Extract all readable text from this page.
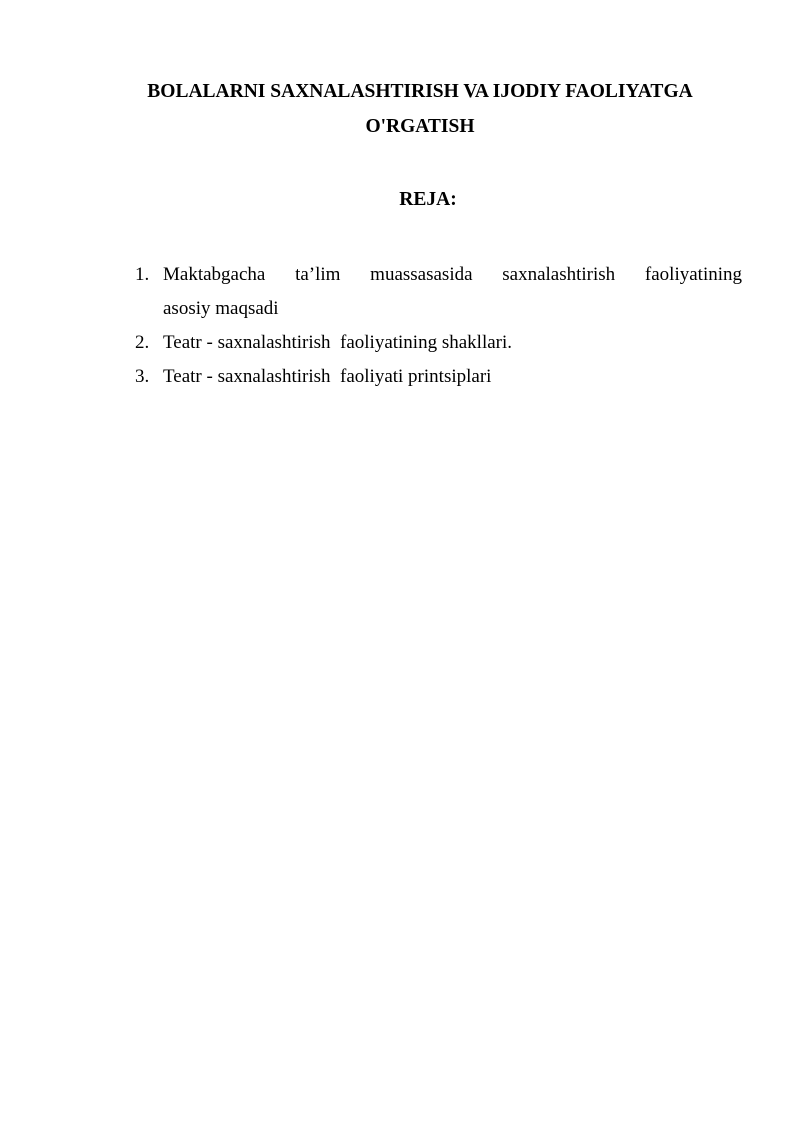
BOLALARNI SAXNALASHTIRISH VA IJODIY FAOLIYATGA
O'RGATISH
REJA:
1. Maktabgacha ta’lim muassasasida saxnalashtirish faoliyatining
asosiy maqsadi
2. Teatr - saxnalashtirish  faoliyatining shakllari.
3. Teatr - saxnalashtirish  faoliyati printsiplari
